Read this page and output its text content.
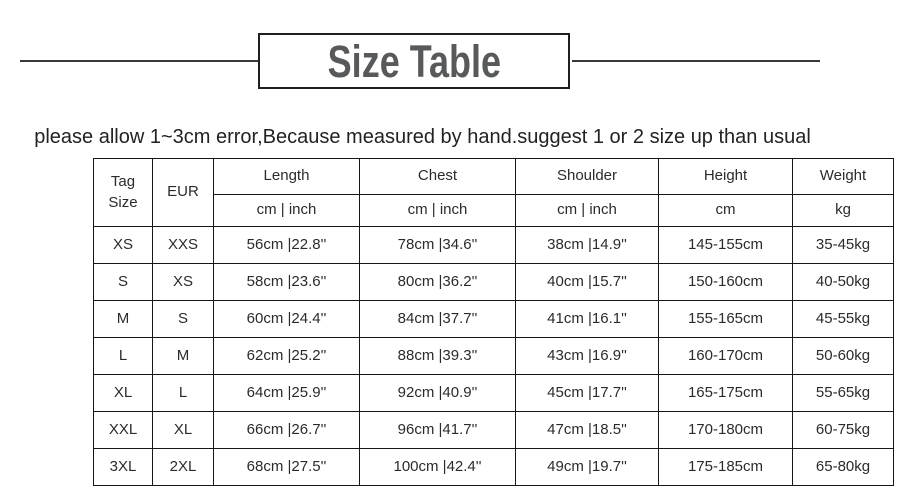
Size Table
please allow 1~3cm error,Because measured by hand.suggest 1 or 2 size up than usual
Tag Size	EUR	Length	Chest	Shoulder	Height	Weight
		cm | inch	cm | inch	cm | inch	cm	kg
XS	XXS	56cm |22.8''	78cm |34.6''	38cm |14.9''	145-155cm	35-45kg
S	XS	58cm |23.6''	80cm |36.2''	40cm |15.7''	150-160cm	40-50kg
M	S	60cm |24.4''	84cm |37.7''	41cm |16.1''	155-165cm	45-55kg
L	M	62cm |25.2''	88cm |39.3''	43cm |16.9''	160-170cm	50-60kg
XL	L	64cm |25.9''	92cm |40.9''	45cm |17.7''	165-175cm	55-65kg
XXL	XL	66cm |26.7''	96cm |41.7''	47cm |18.5''	170-180cm	60-75kg
3XL	2XL	68cm |27.5''	100cm |42.4''	49cm |19.7''	175-185cm	65-80kg
